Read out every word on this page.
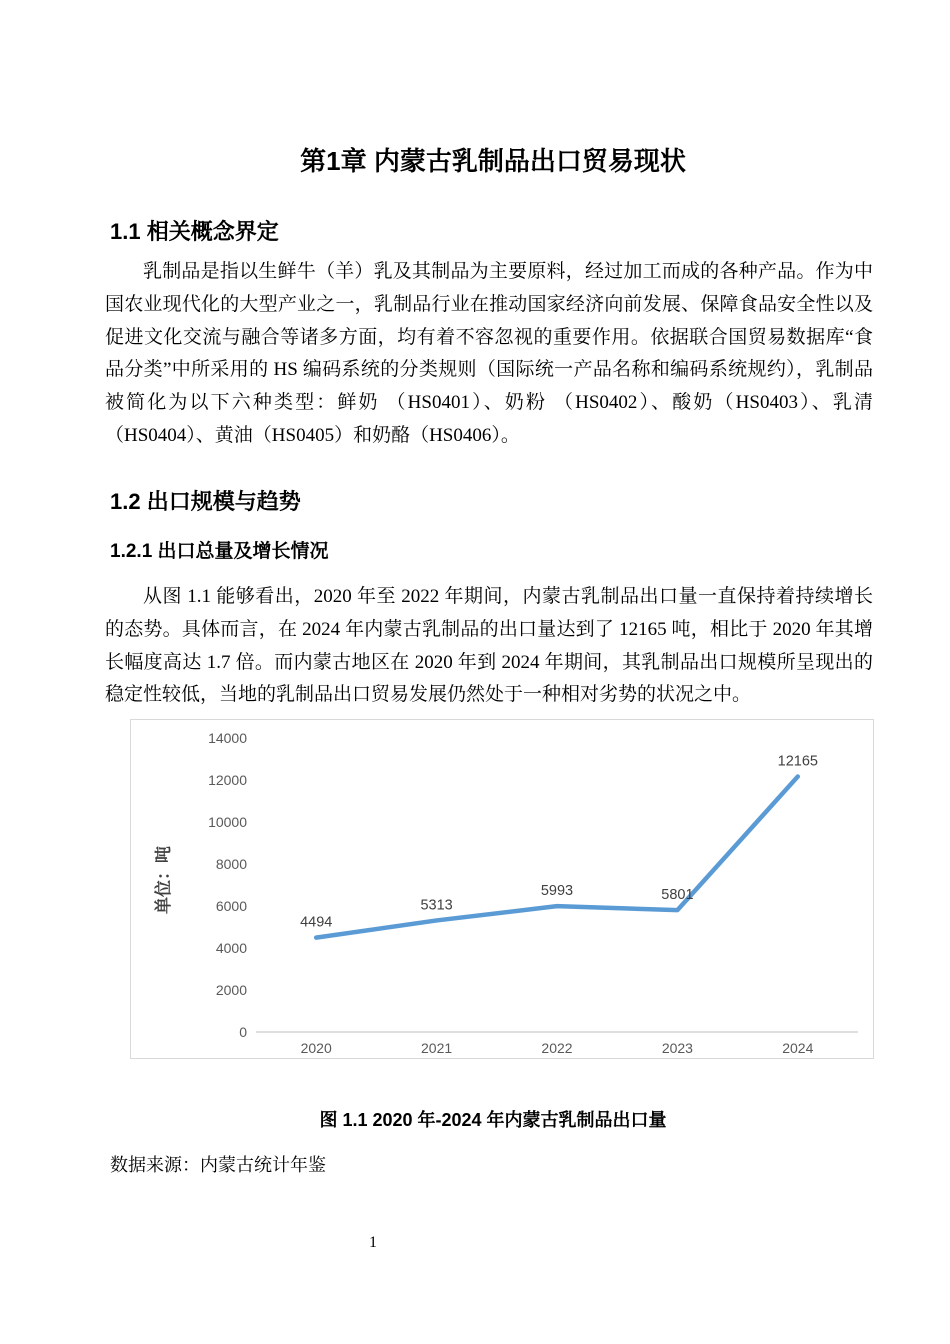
第1章 内蒙古乳制品出口贸易现状
1.1 相关概念界定
乳制品是指以生鲜牛（羊）乳及其制品为主要原料，经过加工而成的各种产品。作为中国农业现代化的大型产业之一，乳制品行业在推动国家经济向前发展、保障食品安全性以及促进文化交流与融合等诸多方面，均有着不容忽视的重要作用。依据联合国贸易数据库“食品分类”中所采用的 HS 编码系统的分类规则（国际统一产品名称和编码系统规约），乳制品被简化为以下六种类型：鲜奶 （HS0401）、奶粉 （HS0402）、酸奶（HS0403）、乳清（HS0404）、黄油（HS0405）和奶酪（HS0406）。
1.2 出口规模与趋势
1.2.1 出口总量及增长情况
从图 1.1 能够看出，2020 年至 2022 年期间，内蒙古乳制品出口量一直保持着持续增长的态势。具体而言，在 2024 年内蒙古乳制品的出口量达到了 12165 吨，相比于 2020 年其增长幅度高达 1.7 倍。而内蒙古地区在 2020 年到 2024 年期间，其乳制品出口规模所呈现出的稳定性较低，当地的乳制品出口贸易发展仍然处于一种相对劣势的状况之中。
0
2000
4000
6000
8000
10000
12000
14000
2020	2021	2022	2023	2024
4494
5313
5993	5801
12165
单位：吨
图 1.1 2020 年-2024 年内蒙古乳制品出口量
数据来源：内蒙古统计年鉴
1
